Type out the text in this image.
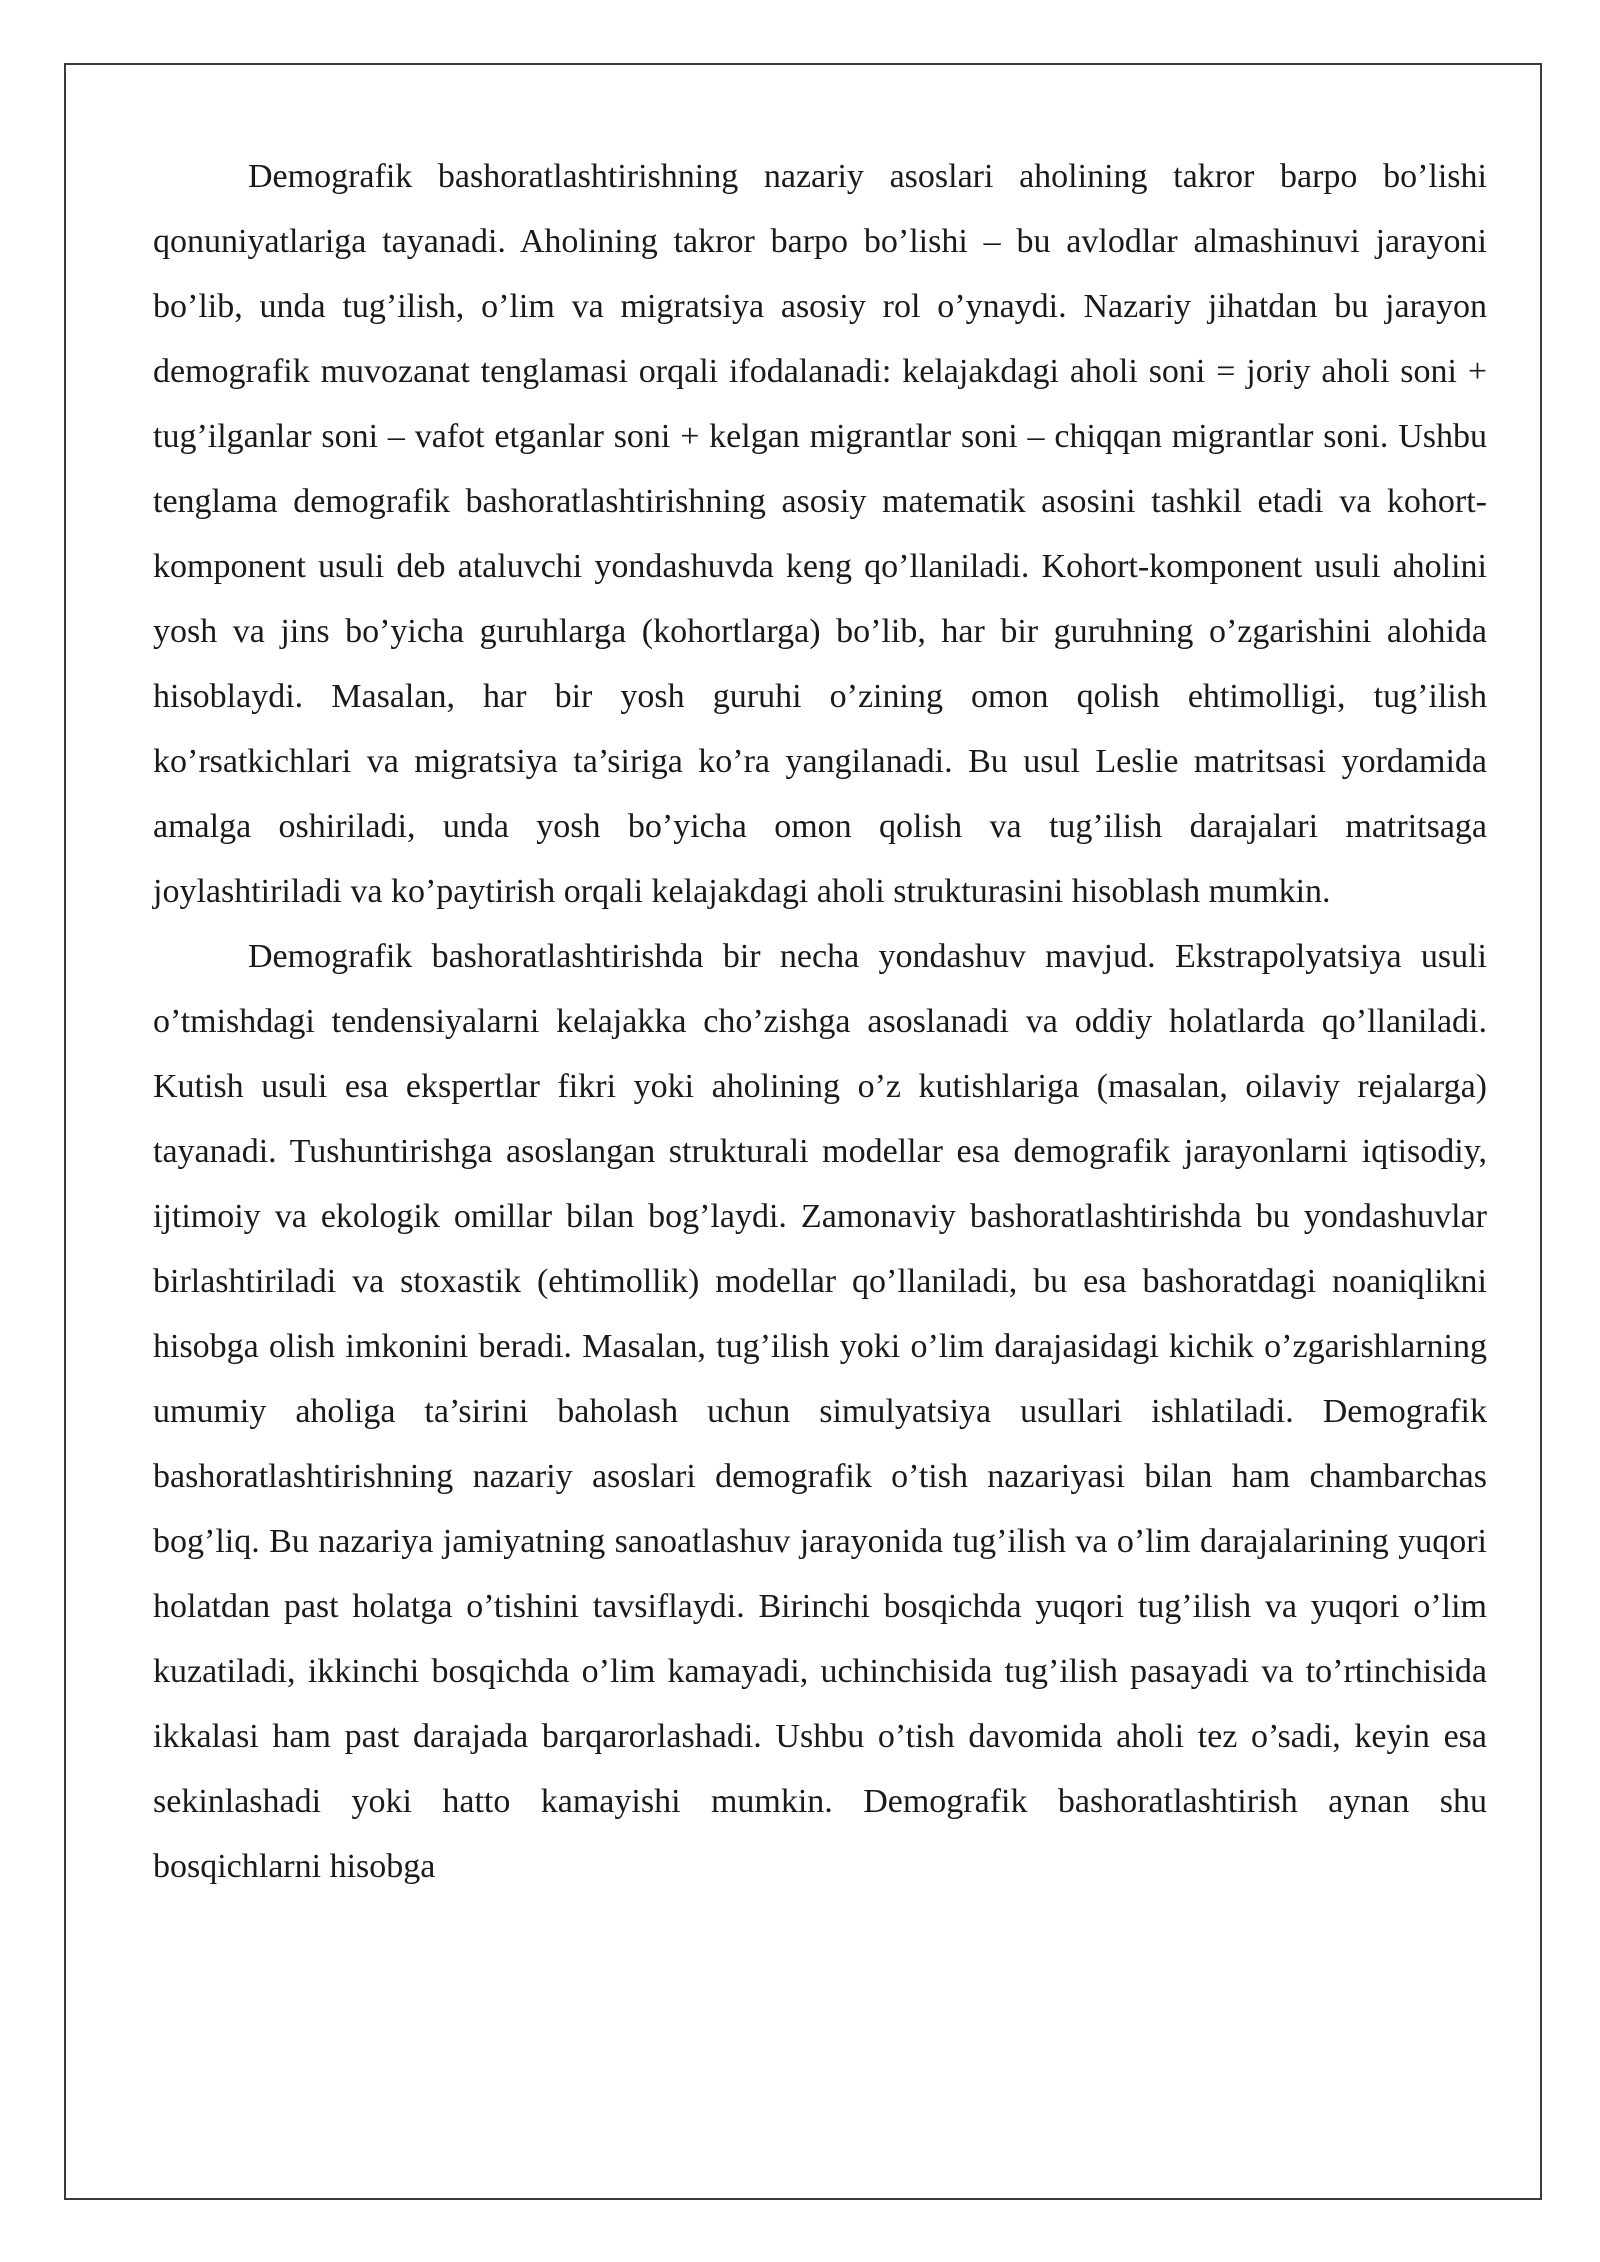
Demografik bashoratlashtirishning nazariy asoslari aholining takror barpo bo’lishi qonuniyatlariga tayanadi. Aholining takror barpo bo’lishi – bu avlodlar almashinuvi jarayoni bo’lib, unda tug’ilish, o’lim va migratsiya asosiy rol o’ynaydi. Nazariy jihatdan bu jarayon demografik muvozanat tenglamasi orqali ifodalanadi: kelajakdagi aholi soni = joriy aholi soni + tug’ilganlar soni – vafot etganlar soni + kelgan migrantlar soni – chiqqan migrantlar soni. Ushbu tenglama demografik bashoratlashtirishning asosiy matematik asosini tashkil etadi va kohort-komponent usuli deb ataluvchi yondashuvda keng qo’llaniladi. Kohort-komponent usuli aholini yosh va jins bo’yicha guruhlarga (kohortlarga) bo’lib, har bir guruhning o’zgarishini alohida hisoblaydi. Masalan, har bir yosh guruhi o’zining omon qolish ehtimolligi, tug’ilish ko’rsatkichlari va migratsiya ta’siriga ko’ra yangilanadi. Bu usul Leslie matritsasi yordamida amalga oshiriladi, unda yosh bo’yicha omon qolish va tug’ilish darajalari matritsaga joylashtiriladi va ko’paytirish orqali kelajakdagi aholi strukturasini hisoblash mumkin.

Demografik bashoratlashtirishda bir necha yondashuv mavjud. Ekstrapolyatsiya usuli o’tmishdagi tendensiyalarni kelajakka cho’zishga asoslanadi va oddiy holatlarda qo’llaniladi. Kutish usuli esa ekspertlar fikri yoki aholining o’z kutishlariga (masalan, oilaviy rejalarga) tayanadi. Tushuntirishga asoslangan strukturali modellar esa demografik jarayonlarni iqtisodiy, ijtimoiy va ekologik omillar bilan bog’laydi. Zamonaviy bashoratlashtirishda bu yondashuvlar birlashtiriladi va stoxastik (ehtimollik) modellar qo’llaniladi, bu esa bashoratdagi noaniqlikni hisobga olish imkonini beradi. Masalan, tug’ilish yoki o’lim darajasidagi kichik o’zgarishlarning umumiy aholiga ta’sirini baholash uchun simulyatsiya usullari ishlatiladi. Demografik bashoratlashtirishning nazariy asoslari demografik o’tish nazariyasi bilan ham chambarchas bog’liq. Bu nazariya jamiyatning sanoatlashuv jarayonida tug’ilish va o’lim darajalarining yuqori holatdan past holatga o’tishini tavsiflaydi. Birinchi bosqichda yuqori tug’ilish va yuqori o’lim kuzatiladi, ikkinchi bosqichda o’lim kamayadi, uchinchisida tug’ilish pasayadi va to’rtinchisida ikkalasi ham past darajada barqarorlashadi. Ushbu o’tish davomida aholi tez o’sadi, keyin esa sekinlashadi yoki hatto kamayishi mumkin. Demografik bashoratlashtirish aynan shu bosqichlarni hisobga
